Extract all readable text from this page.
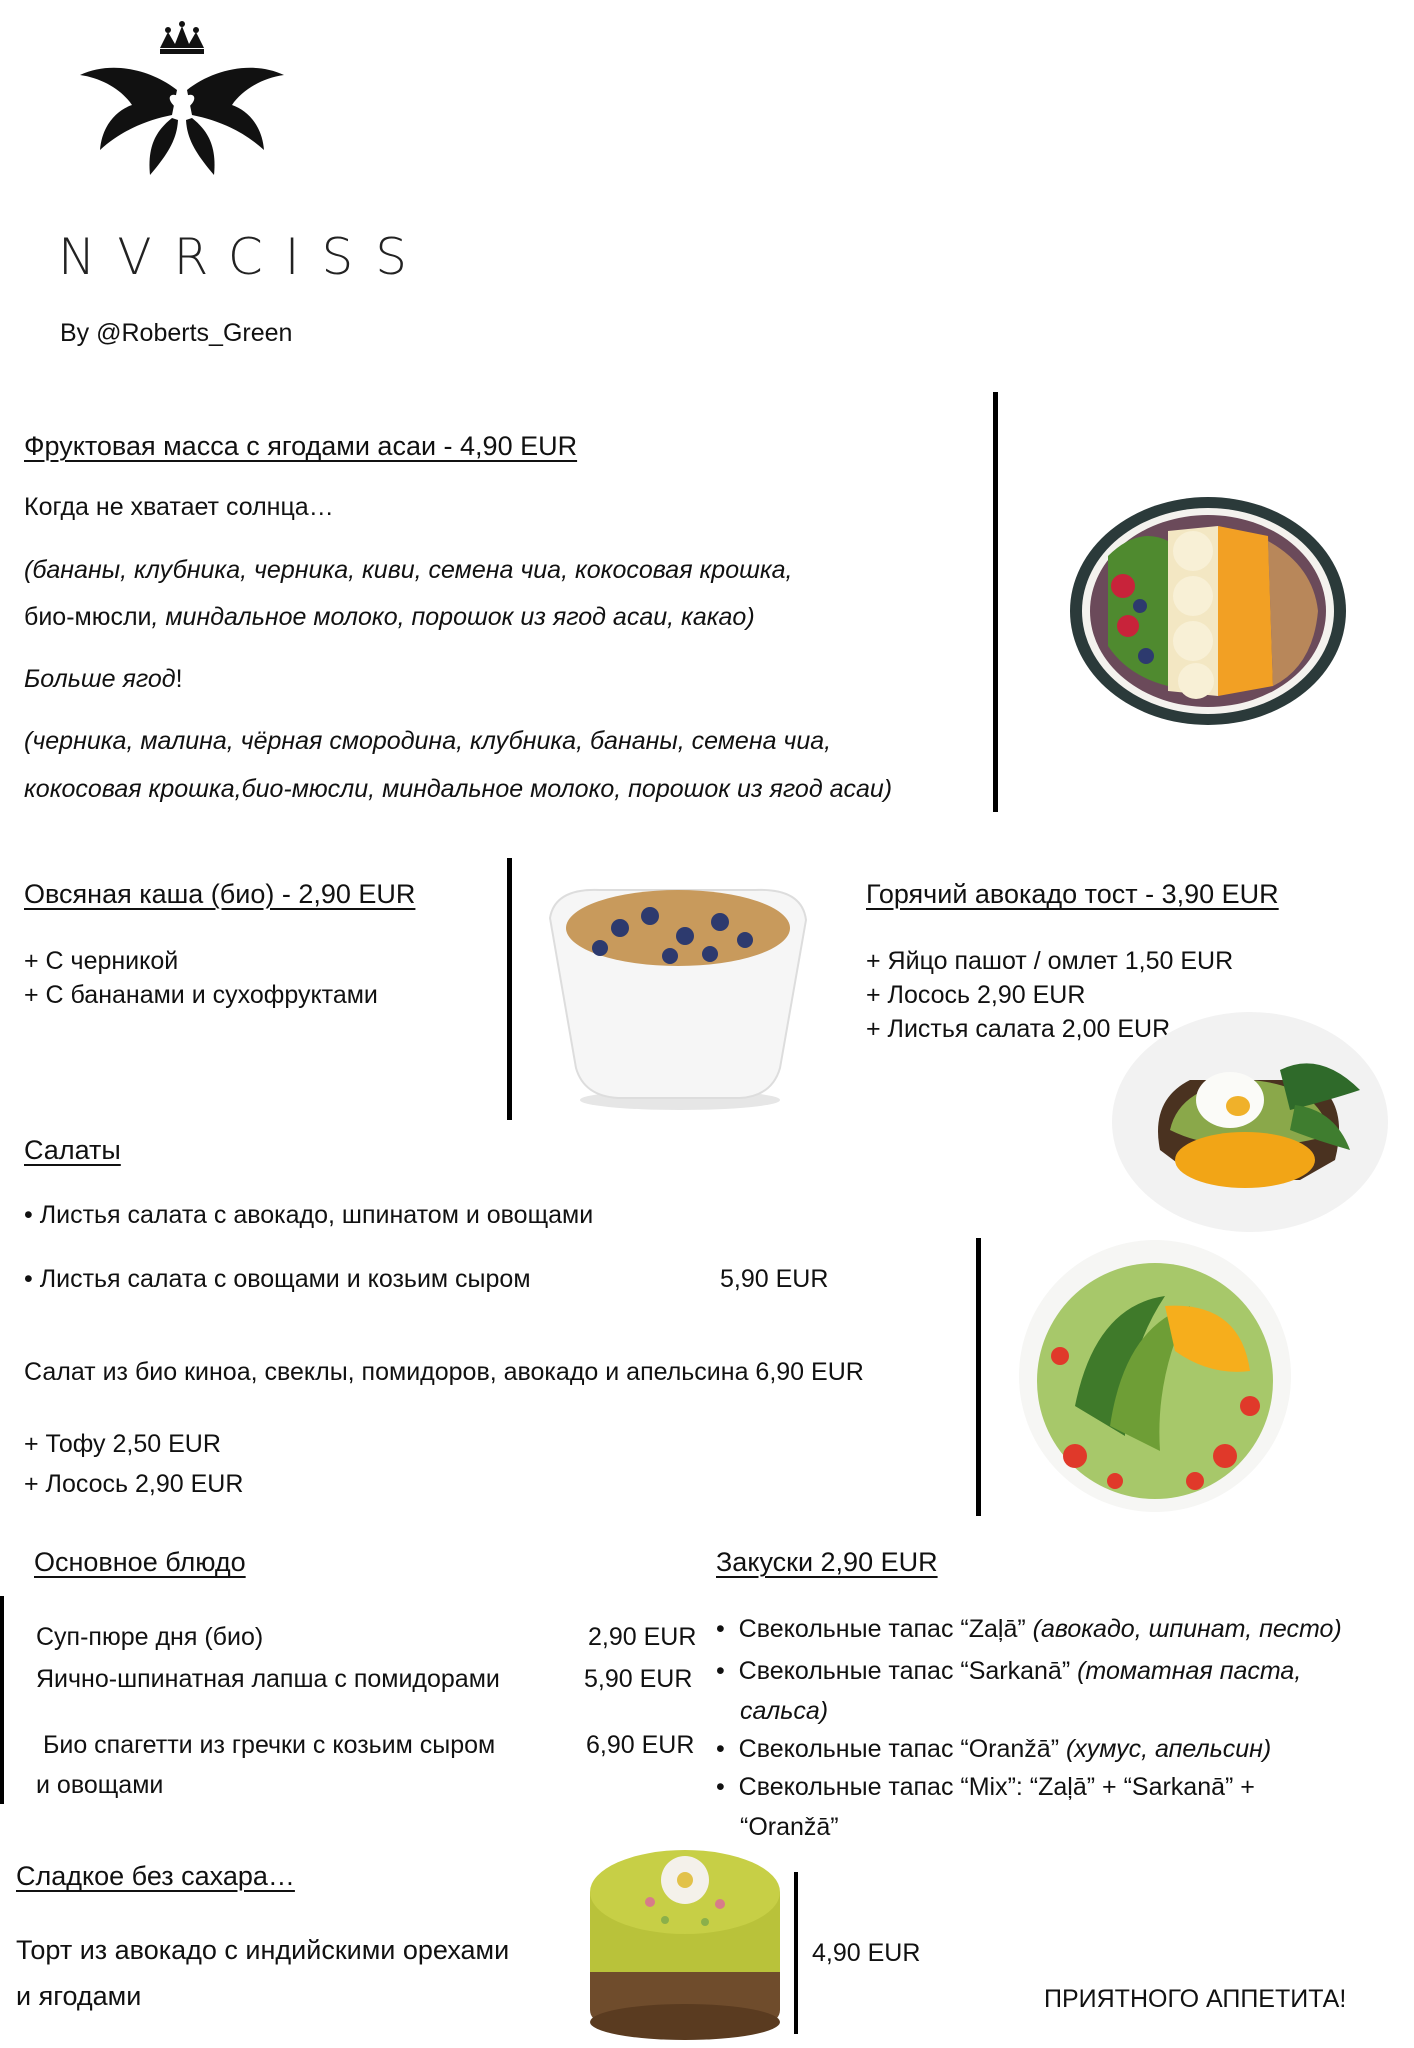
NVRCISS
By @Roberts_Green
Фруктовая масса с ягодами асаи - 4,90 EUR
Когда не хватает солнца…
(бананы, клубника, черника, киви, семена чиа, кокосовая крошка,
био-мюсли, миндальное молоко, порошок из ягод асаи, какао)
Больше ягод!
(черника, малина, чёрная смородина, клубника, бананы, семена чиа,
кокосовая крошка,био-мюсли, миндальное молоко, порошок из ягод асаи)
Овсяная каша (био) - 2,90 EUR
+ С черникой
+ С бананами и сухофруктами
Горячий авокадо тост - 3,90 EUR
+ Яйцо пашот / омлет 1,50 EUR
+ Лосось 2,90 EUR
+ Листья салата 2,00 EUR
Салаты
• Листья салата с авокадо, шпинатом и овощами
• Листья салата с овощами и козьим сыром	5,90 EUR
Салат из био киноа, свеклы, помидоров, авокадо и апельсина 6,90 EUR
+ Тофу 2,50 EUR
+ Лосось 2,90 EUR
Основное блюдо
Суп-пюре дня (био)	2,90 EUR
Яично-шпинатная лапша с помидорами	5,90 EUR
Био спагетти из гречки с козьим сыром
и овощами
6,90 EUR
Закуски 2,90 EUR
•  Свекольные тапас “Zaļā” (авокадо, шпинат, песто)
•  Свекольные тапас “Sarkanā” (томатная паста,
сальса)
•  Свекольные тапас “Oranžā” (хумус, апельсин)
•  Свекольные тапас “Mix”: “Zaļā” + “Sarkanā” +
“Oranžā”
Сладкое без сахара…
Торт из авокадо с индийскими орехами
и ягодами
4,90 EUR
ПРИЯТНОГО АППЕТИТА!
